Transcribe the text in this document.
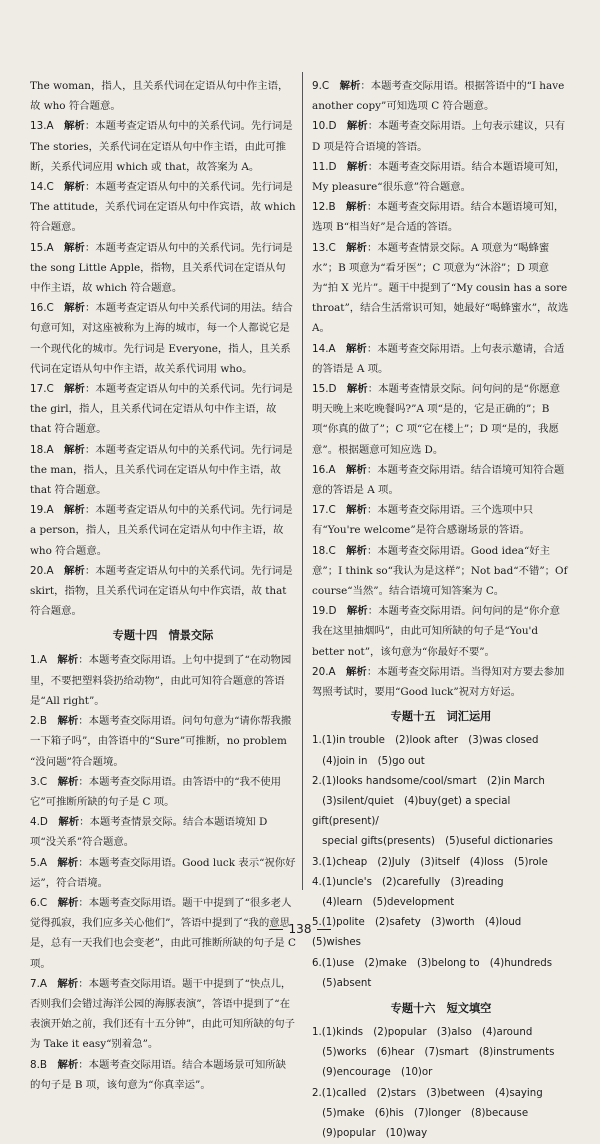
The woman，指人，且关系代词在定语从句中作主语，故 who 符合题意。
13.A　 解析：本题考查定语从句中的关系代词。先行词是 The stories，关系代词在定语从句中作主语，由此可推断，关系代词应用 which 或 that，故答案为 A。
14.C　 解析：本题考查定语从句中的关系代词。先行词是 The attitude，关系代词在定语从句中作宾语，故 which 符合题意。
15.A　 解析：本题考查定语从句中的关系代词。先行词是 the song Little Apple，指物，且关系代词在定语从句中作主语，故 which 符合题意。
16.C　 解析：本题考查定语从句中关系代词的用法。结合句意可知，对这座被称为上海的城市，每一个人都说它是一个现代化的城市。先行词是 Everyone，指人，且关系代词在定语从句中作主语，故关系代词用 who。
17.C　 解析：本题考查定语从句中的关系代词。先行词是 the girl，指人，且关系代词在定语从句中作主语，故 that 符合题意。
18.A　 解析：本题考查定语从句中的关系代词。先行词是 the man，指人，且关系代词在定语从句中作主语，故 that 符合题意。
19.A　 解析：本题考查定语从句中的关系代词。先行词是 a person，指人，且关系代词在定语从句中作主语，故 who 符合题意。
20.A　 解析：本题考查定语从句中的关系代词。先行词是 skirt，指物，且关系代词在定语从句中作宾语，故 that 符合题意。
专题十四　情景交际
1.A　 解析：本题考查交际用语。上句中提到了“在动物园里，不要把塑料袋扔给动物”，由此可知符合题意的答语是“All right”。
2.B　 解析：本题考查交际用语。问句句意为“请你帮我搬一下箱子吗”，由答语中的“Sure”可推断，no problem “没问题”符合题境。
3.C　 解析：本题考查交际用语。由答语中的“我不使用它”可推断所缺的句子是 C 项。
4.D　 解析：本题考查情景交际。结合本题语境知 D 项“没关系”符合题意。
5.A　 解析：本题考查交际用语。Good luck 表示“祝你好运”，符合语境。
6.C　 解析：本题考查交际用语。题干中提到了“很多老人觉得孤寂，我们应多关心他们”，答语中提到了“我的意思是，总有一天我们也会变老”，由此可推断所缺的句子是 C 项。
7.A　 解析：本题考查交际用语。题干中提到了“快点儿，否则我们会错过海洋公园的海豚表演”，答语中提到了“在表演开始之前，我们还有十五分钟”，由此可知所缺的句子为 Take it easy“别着急”。
8.B　 解析：本题考查交际用语。结合本题场景可知所缺的句子是 B 项，该句意为“你真幸运”。
9.C　 解析：本题考查交际用语。根据答语中的“I have another copy”可知选项 C 符合题意。
10.D　 解析：本题考查交际用语。上句表示建议，只有 D 项是符合语境的答语。
11.D　 解析：本题考查交际用语。结合本题语境可知，My pleasure“很乐意”符合题意。
12.B　 解析：本题考查交际用语。结合本题语境可知，选项 B“相当好”是合适的答语。
13.C　 解析：本题考查情景交际。A 项意为“喝蜂蜜水”；B 项意为“看牙医”；C 项意为“沐浴”；D 项意为“拍 X 光片”。题干中提到了“My cousin has a sore throat”，结合生活常识可知，她最好“喝蜂蜜水”，故选 A。
14.A　 解析：本题考查交际用语。上句表示邀请，合适的答语是 A 项。
15.D　 解析：本题考查情景交际。问句问的是“你愿意明天晚上来吃晚餐吗?”A 项“是的，它是正确的”；B 项“你真的做了”；C 项“它在楼上”；D 项“是的，我愿意”。根据题意可知应选 D。
16.A　 解析：本题考查交际用语。结合语境可知符合题意的答语是 A 项。
17.C　 解析：本题考查交际用语。三个选项中只有“You're welcome”是符合感谢场景的答语。
18.C　 解析：本题考查交际用语。Good idea“好主意”；I think so“我认为是这样”；Not bad“不错”；Of course“当然”。结合语境可知答案为 C。
19.D　 解析：本题考查交际用语。问句问的是“你介意我在这里抽烟吗”，由此可知所缺的句子是“You'd better not”，该句意为“你最好不要”。
20.A　 解析：本题考查交际用语。当得知对方要去参加驾照考试时，要用“Good luck”祝对方好运。
专题十五　词汇运用
1.(1)in trouble　(2)look after　(3)was closed
　(4)join in　(5)go out
2.(1)looks handsome/cool/smart　(2)in March
　(3)silent/quiet　(4)buy(get) a special gift(present)/
　special gifts(presents)　(5)useful dictionaries
3.(1)cheap　(2)July　(3)itself　(4)loss　(5)role
4.(1)uncle's　(2)carefully　(3)reading
　(4)learn　(5)development
5.(1)polite　(2)safety　(3)worth　(4)loud　(5)wishes
6.(1)use　(2)make　(3)belong to　(4)hundreds
　(5)absent
专题十六　短文填空
1.(1)kinds　(2)popular　(3)also　(4)around
　(5)works　(6)hear　(7)smart　(8)instruments
　(9)encourage　(10)or
2.(1)called　(2)stars　(3)between　(4)saying
　(5)make　(6)his　(7)longer　(8)because
　(9)popular　(10)way
138
